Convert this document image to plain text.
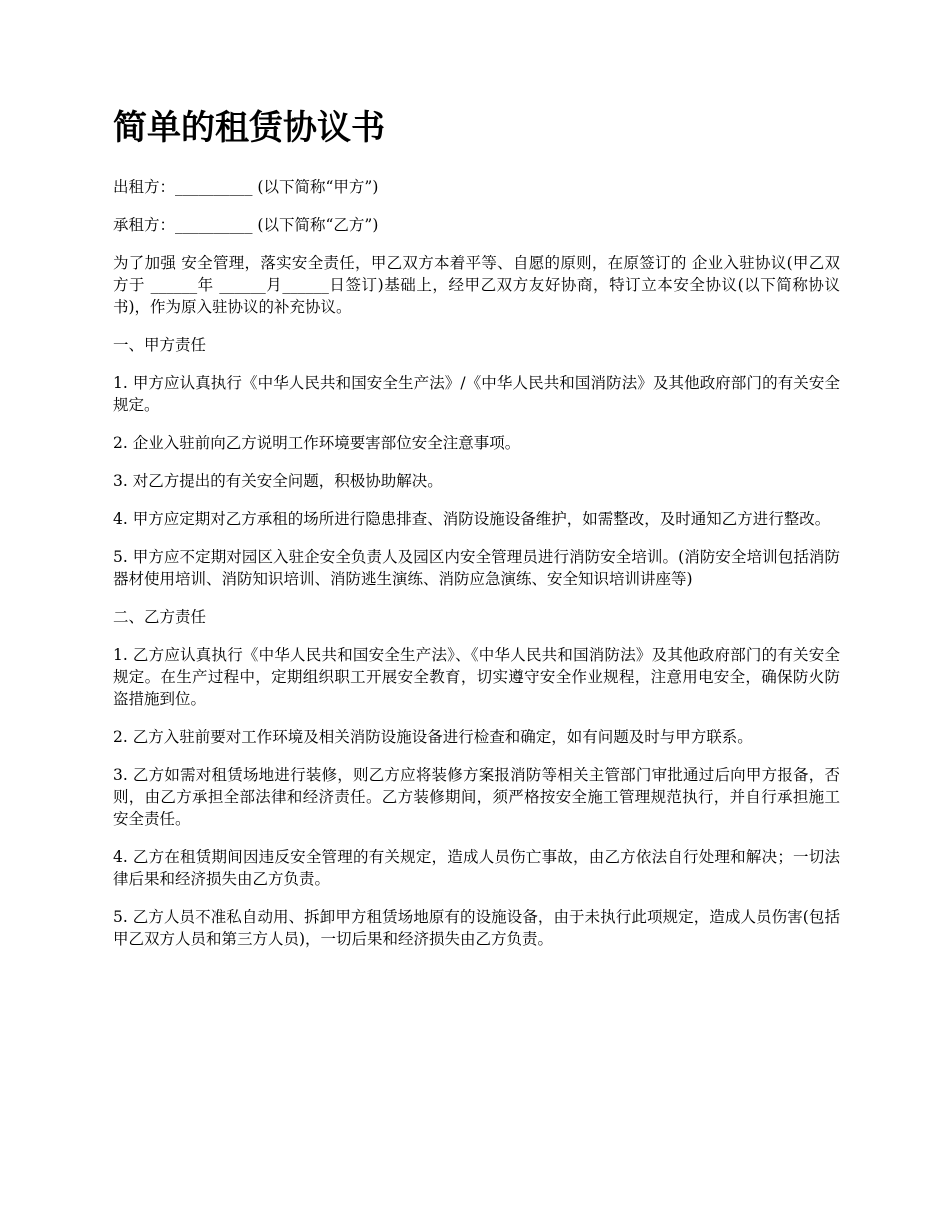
简单的租赁协议书

出租方：__________ (以下简称“甲方”)

承租方：__________ (以下简称“乙方”)

为了加强 安全管理，落实安全责任，甲乙双方本着平等、自愿的原则，在原签订的 企业入驻协议(甲乙双方于 ______年 ______月______日签订)基础上，经甲乙双方友好协商，特订立本安全协议(以下简称协议书)，作为原入驻协议的补充协议。

一、甲方责任

1. 甲方应认真执行《中华人民共和国安全生产法》/《中华人民共和国消防法》及其他政府部门的有关安全规定。

2. 企业入驻前向乙方说明工作环境要害部位安全注意事项。

3. 对乙方提出的有关安全问题，积极协助解决。

4. 甲方应定期对乙方承租的场所进行隐患排查、消防设施设备维护，如需整改，及时通知乙方进行整改。

5. 甲方应不定期对园区入驻企安全负责人及园区内安全管理员进行消防安全培训。(消防安全培训包括消防器材使用培训、消防知识培训、消防逃生演练、消防应急演练、安全知识培训讲座等)

二、乙方责任

1. 乙方应认真执行《中华人民共和国安全生产法》、《中华人民共和国消防法》及其他政府部门的有关安全规定。在生产过程中，定期组织职工开展安全教育，切实遵守安全作业规程，注意用电安全，确保防火防盗措施到位。

2. 乙方入驻前要对工作环境及相关消防设施设备进行检查和确定，如有问题及时与甲方联系。

3. 乙方如需对租赁场地进行装修，则乙方应将装修方案报消防等相关主管部门审批通过后向甲方报备，否则，由乙方承担全部法律和经济责任。乙方装修期间，须严格按安全施工管理规范执行，并自行承担施工安全责任。

4. 乙方在租赁期间因违反安全管理的有关规定，造成人员伤亡事故，由乙方依法自行处理和解决；一切法律后果和经济损失由乙方负责。

5. 乙方人员不准私自动用、拆卸甲方租赁场地原有的设施设备，由于未执行此项规定，造成人员伤害(包括甲乙双方人员和第三方人员)，一切后果和经济损失由乙方负责。
